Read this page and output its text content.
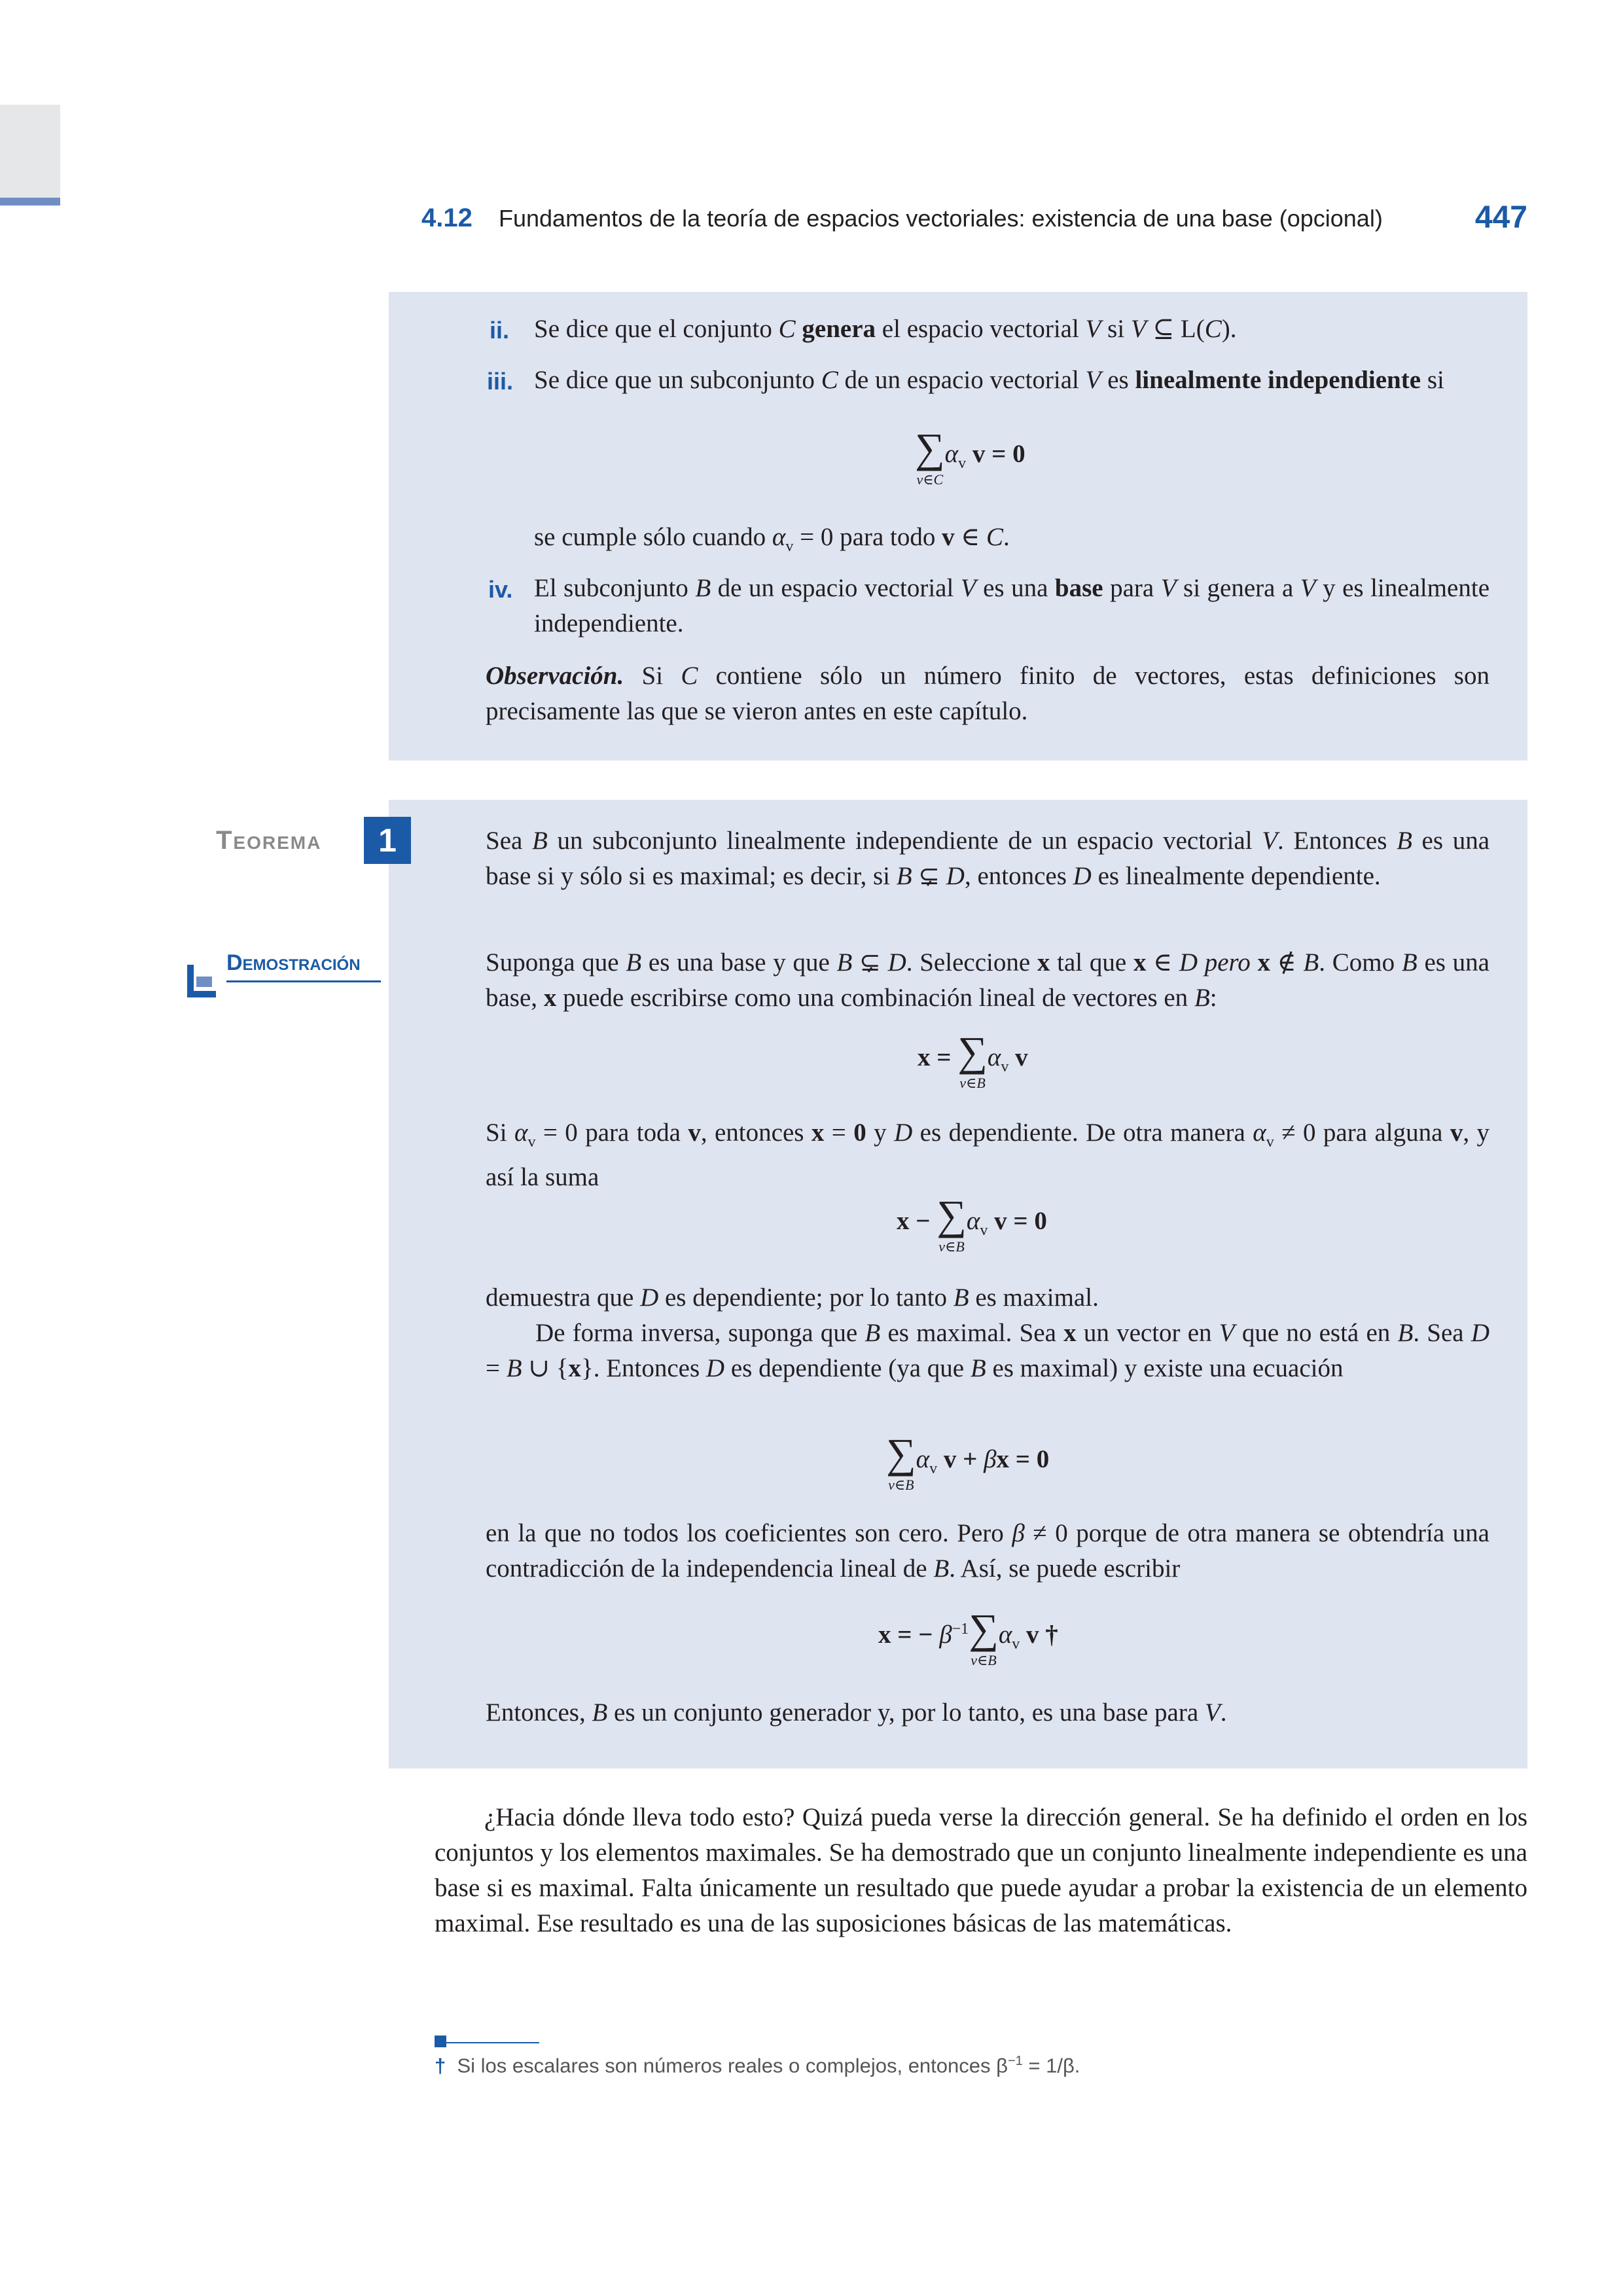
4.12 Fundamentos de la teoría de espacios vectoriales: existencia de una base (opcional)	447
ii. Se dice que el conjunto C genera el espacio vectorial V si V ⊆ L(C).
iii. Se dice que un subconjunto C de un espacio vectorial V es linealmente independiente si
∑
v∈C
$\alpha_v$ v = 0
se cumple sólo cuando $\alpha_v = 0$ para todo v ∈ C.
iv. El subconjunto B de un espacio vectorial V es una base para V si genera a V y es linealmente independiente.
Observación. Si C contiene sólo un número finito de vectores, estas definiciones son precisamente las que se vieron antes en este capítulo.
Teorema	1	Sea B un subconjunto linealmente independiente de un espacio vectorial V. Entonces B es una base si y sólo si es maximal; es decir, si B ⊊ D, entonces D es linealmente dependiente.
Demostración	Suponga que B es una base y que B ⊊ D. Seleccione x tal que x ∈ D pero x ∉ B. Como B es una base, x puede escribirse como una combinación lineal de vectores en B:
x = ∑
v∈B
$\alpha_v$ v
Si $\alpha_v = 0$ para toda v, entonces x = 0 y D es dependiente. De otra manera $\alpha_v \ne 0$ para alguna v, y así la suma
x − ∑
v∈B
$\alpha_v$ v = 0
demuestra que D es dependiente; por lo tanto B es maximal.
De forma inversa, suponga que B es maximal. Sea x un vector en V que no está en B. Sea D = B ∪ {x}. Entonces D es dependiente (ya que B es maximal) y existe una ecuación
∑
v∈B
$\alpha_v$ v + βx = 0
en la que no todos los coeficientes son cero. Pero β ≠ 0 porque de otra manera se obtendría una contradicción de la independencia lineal de B. Así, se puede escribir
x = − $\beta^{-1}\sum$
v∈B
$\alpha_v$ v †
Entonces, B es un conjunto generador y, por lo tanto, es una base para V.
¿Hacia dónde lleva todo esto? Quizá pueda verse la dirección general. Se ha definido el orden en los conjuntos y los elementos maximales. Se ha demostrado que un conjunto linealmente independiente es una base si es maximal. Falta únicamente un resultado que puede ayudar a probar la existencia de un elemento maximal. Ese resultado es una de las suposiciones básicas de las matemáticas.
† Si los escalares son números reales o complejos, entonces $\beta^{-1} = 1/\beta$.
